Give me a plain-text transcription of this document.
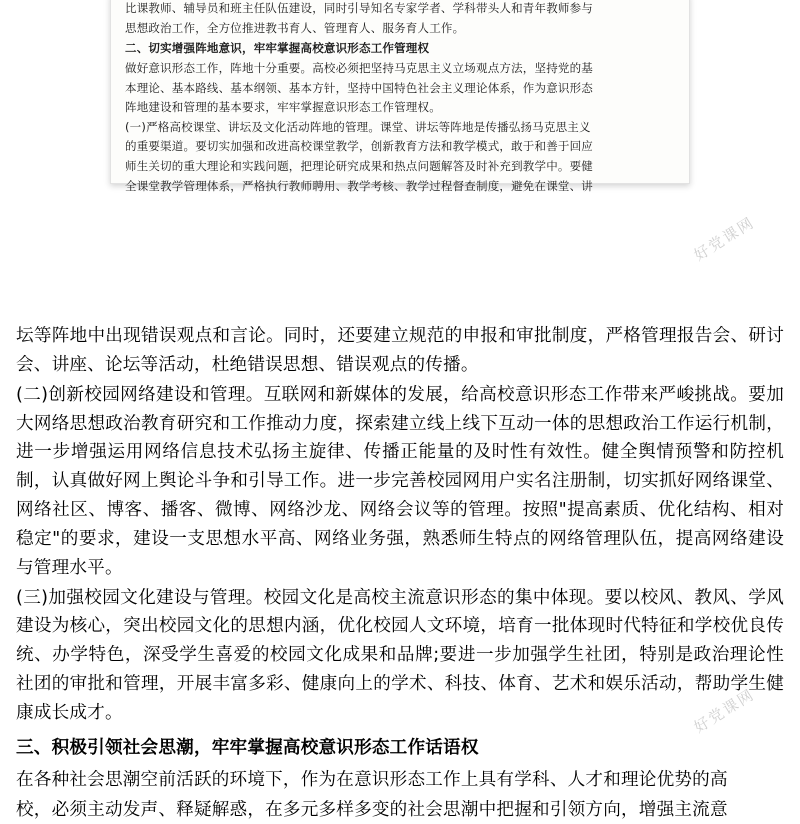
比课教师、辅导员和班主任队伍建设，同时引导知名专家学者、学科带头人和青年教师参与

思想政治工作，全方位推进教书育人、管理育人、服务育人工作。

二、切实增强阵地意识，牢牢掌握高校意识形态工作管理权

做好意识形态工作，阵地十分重要。高校必须把坚持马克思主义立场观点方法，坚持党的基

本理论、基本路线、基本纲领、基本方针，坚持中国特色社会主义理论体系，作为意识形态

阵地建设和管理的基本要求，牢牢掌握意识形态工作管理权。

(一)严格高校课堂、讲坛及文化活动阵地的管理。课堂、讲坛等阵地是传播弘扬马克思主义

的重要渠道。要切实加强和改进高校课堂教学，创新教育方法和教学模式，敢于和善于回应

师生关切的重大理论和实践问题，把理论研究成果和热点问题解答及时补充到教学中。要健

全课堂教学管理体系，严格执行教师聘用、教学考核、教学过程督查制度，避免在课堂、讲

好党课网
好党课网

坛等阵地中出现错误观点和言论。同时，还要建立规范的申报和审批制度，严格管理报告会、研讨会、讲座、论坛等活动，杜绝错误思想、错误观点的传播。

(二)创新校园网络建设和管理。互联网和新媒体的发展，给高校意识形态工作带来严峻挑战。要加大网络思想政治教育研究和工作推动力度，探索建立线上线下互动一体的思想政治工作运行机制，进一步增强运用网络信息技术弘扬主旋律、传播正能量的及时性有效性。健全舆情预警和防控机制，认真做好网上舆论斗争和引导工作。进一步完善校园网用户实名注册制，切实抓好网络课堂、网络社区、博客、播客、微博、网络沙龙、网络会议等的管理。按照"提高素质、优化结构、相对稳定"的要求，建设一支思想水平高、网络业务强，熟悉师生特点的网络管理队伍，提高网络建设与管理水平。

(三)加强校园文化建设与管理。校园文化是高校主流意识形态的集中体现。要以校风、教风、学风建设为核心，突出校园文化的思想内涵，优化校园人文环境，培育一批体现时代特征和学校优良传统、办学特色，深受学生喜爱的校园文化成果和品牌;要进一步加强学生社团，特别是政治理论性社团的审批和管理，开展丰富多彩、健康向上的学术、科技、体育、艺术和娱乐活动，帮助学生健康成长成才。

三、积极引领社会思潮，牢牢掌握高校意识形态工作话语权

在各种社会思潮空前活跃的环境下，作为在意识形态工作上具有学科、人才和理论优势的高

校，必须主动发声、释疑解惑，在多元多样多变的社会思潮中把握和引领方向，增强主流意
